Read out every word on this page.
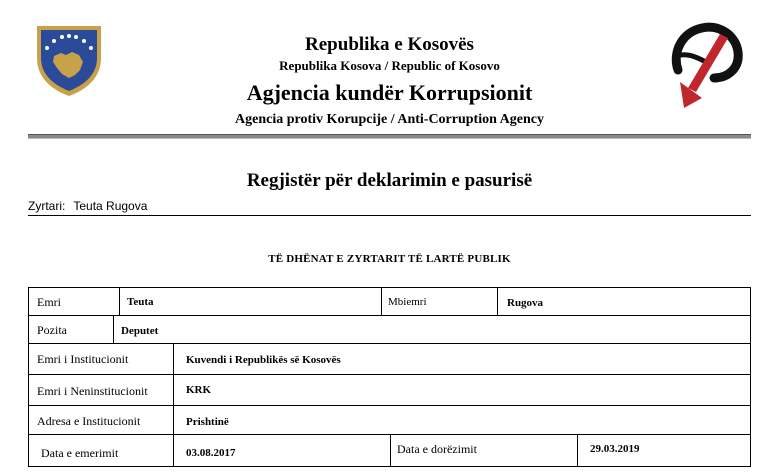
Republika e Kosovës
Republika Kosova / Republic of Kosovo
Agjencia kundër Korrupsionit
Agencia protiv Korupcije / Anti-Corruption Agency
Regjistër për deklarimin e pasurisë
Zyrtari: Teuta Rugova
TË DHËNAT E ZYRTARIT TË LARTË PUBLIK
Emri	Teuta	Mbiemri	Rugova
Pozita	Deputet
Emri i Institucionit	Kuvendi i Republikës së Kosovës
Emri i Neninstitucionit	KRK
Adresa e Institucionit	Prishtinë
Data e emerimit	03.08.2017	Data e dorëzimit	29.03.2019
